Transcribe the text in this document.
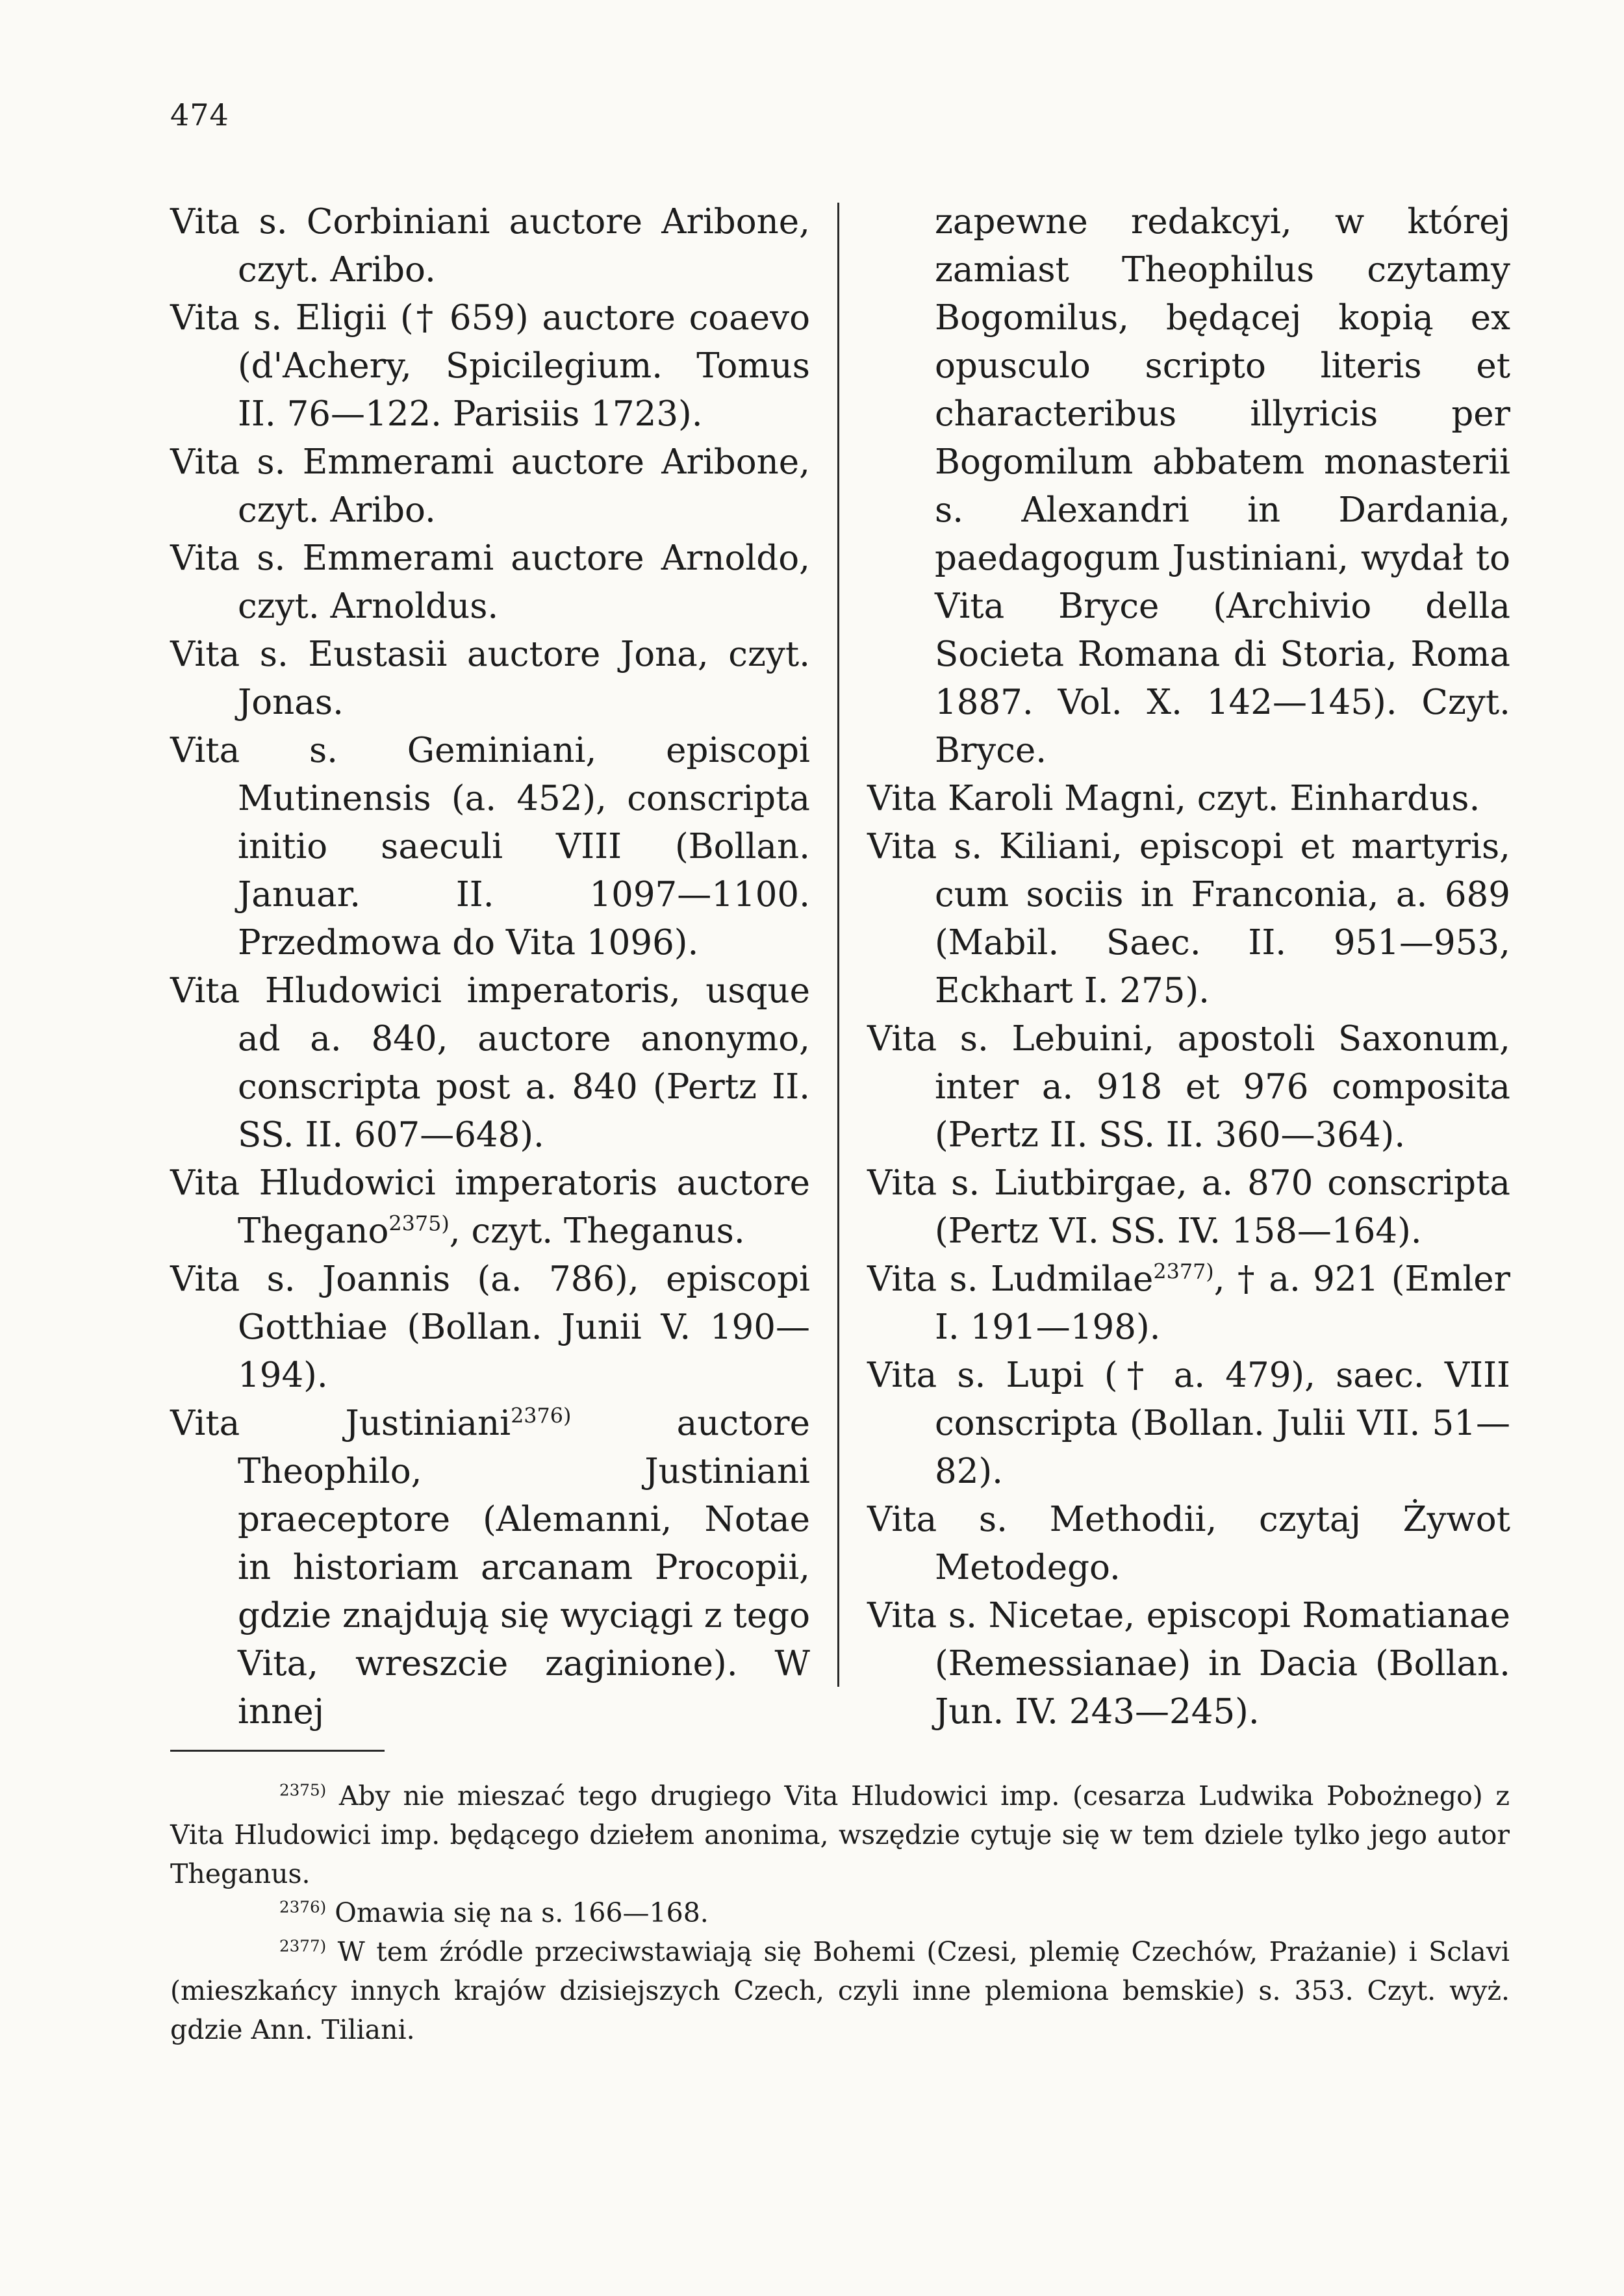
474

Vita s. Corbiniani auctore Aribone, czyt. Aribo.

Vita s. Eligii († 659) auctore coaevo (d'Achery, Spicilegium. Tomus II. 76—122. Parisiis 1723).

Vita s. Emmerami auctore Aribone, czyt. Aribo.

Vita s. Emmerami auctore Arnoldo, czyt. Arnoldus.

Vita s. Eustasii auctore Jona, czyt. Jonas.

Vita s. Geminiani, episcopi Mutinensis (a. 452), conscripta initio saeculi VIII (Bollan. Januar. II. 1097—1100. Przedmowa do Vita 1096).

Vita Hludowici imperatoris, usque ad a. 840, auctore anonymo, conscripta post a. 840 (Pertz II. SS. II. 607—648).

Vita Hludowici imperatoris auctore Thegano$^{2375)}$, czyt. Theganus.

Vita s. Joannis (a. 786), episcopi Gotthiae (Bollan. Junii V. 190—194).

Vita Justiniani$^{2376)}$ auctore Theophilo, Justiniani praeceptore (Alemanni, Notae in historiam arcanam Procopii, gdzie znajdują się wyciągi z tego Vita, wreszcie zaginione). W innej

zapewne redakcyi, w której zamiast Theophilus czytamy Bogomilus, będącej kopią ex opusculo scripto literis et characteribus illyricis per Bogomilum abbatem monasterii s. Alexandri in Dardania, paedagogum Justiniani, wydał to Vita Bryce (Archivio della Societa Romana di Storia, Roma 1887. Vol. X. 142—145). Czyt. Bryce.

Vita Karoli Magni, czyt. Einhardus.

Vita s. Kiliani, episcopi et martyris, cum sociis in Franconia, a. 689 (Mabil. Saec. II. 951—953, Eckhart I. 275).

Vita s. Lebuini, apostoli Saxonum, inter a. 918 et 976 composita (Pertz II. SS. II. 360—364).

Vita s. Liutbirgae, a. 870 conscripta (Pertz VI. SS. IV. 158—164).

Vita s. Ludmilae$^{2377)}$, † a. 921 (Emler I. 191—198).

Vita s. Lupi († a. 479), saec. VIII conscripta (Bollan. Julii VII. 51—82).

Vita s. Methodii, czytaj Żywot Metodego.

Vita s. Nicetae, episcopi Romatianae (Remessianae) in Dacia (Bollan. Jun. IV. 243—245).

$^{2375)}$ Aby nie mieszać tego drugiego Vita Hludowici imp. (cesarza Ludwika Pobożnego) z Vita Hludowici imp. będącego dziełem anonima, wszędzie cytuje się w tem dziele tylko jego autor Theganus.

$^{2376)}$ Omawia się na s. 166—168.

$^{2377)}$ W tem źródle przeciwstawiają się Bohemi (Czesi, plemię Czechów, Prażanie) i Sclavi (mieszkańcy innych krajów dzisiejszych Czech, czyli inne plemiona bemskie) s. 353. Czyt. wyż. gdzie Ann. Tiliani.
